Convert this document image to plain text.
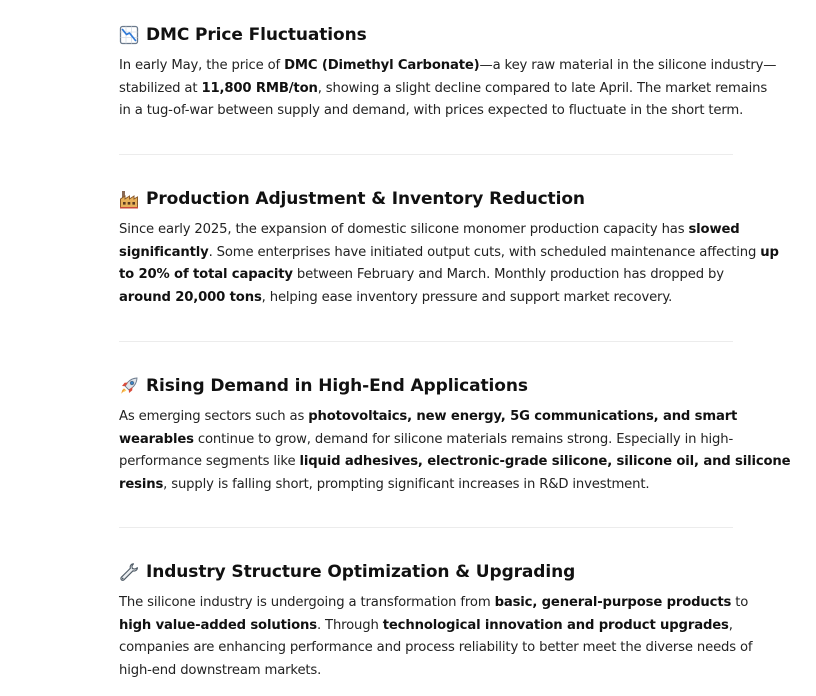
DMC Price Fluctuations

In early May, the price of DMC (Dimethyl Carbonate)—a key raw material in the silicone industry—
stabilized at 11,800 RMB/ton, showing a slight decline compared to late April. The market remains
in a tug-of-war between supply and demand, with prices expected to fluctuate in the short term.

Production Adjustment & Inventory Reduction

Since early 2025, the expansion of domestic silicone monomer production capacity has slowed
significantly. Some enterprises have initiated output cuts, with scheduled maintenance affecting up
to 20% of total capacity between February and March. Monthly production has dropped by
around 20,000 tons, helping ease inventory pressure and support market recovery.

Rising Demand in High-End Applications

As emerging sectors such as photovoltaics, new energy, 5G communications, and smart
wearables continue to grow, demand for silicone materials remains strong. Especially in high-
performance segments like liquid adhesives, electronic-grade silicone, silicone oil, and silicone
resins, supply is falling short, prompting significant increases in R&D investment.

Industry Structure Optimization & Upgrading

The silicone industry is undergoing a transformation from basic, general-purpose products to
high value-added solutions. Through technological innovation and product upgrades,
companies are enhancing performance and process reliability to better meet the diverse needs of
high-end downstream markets.
